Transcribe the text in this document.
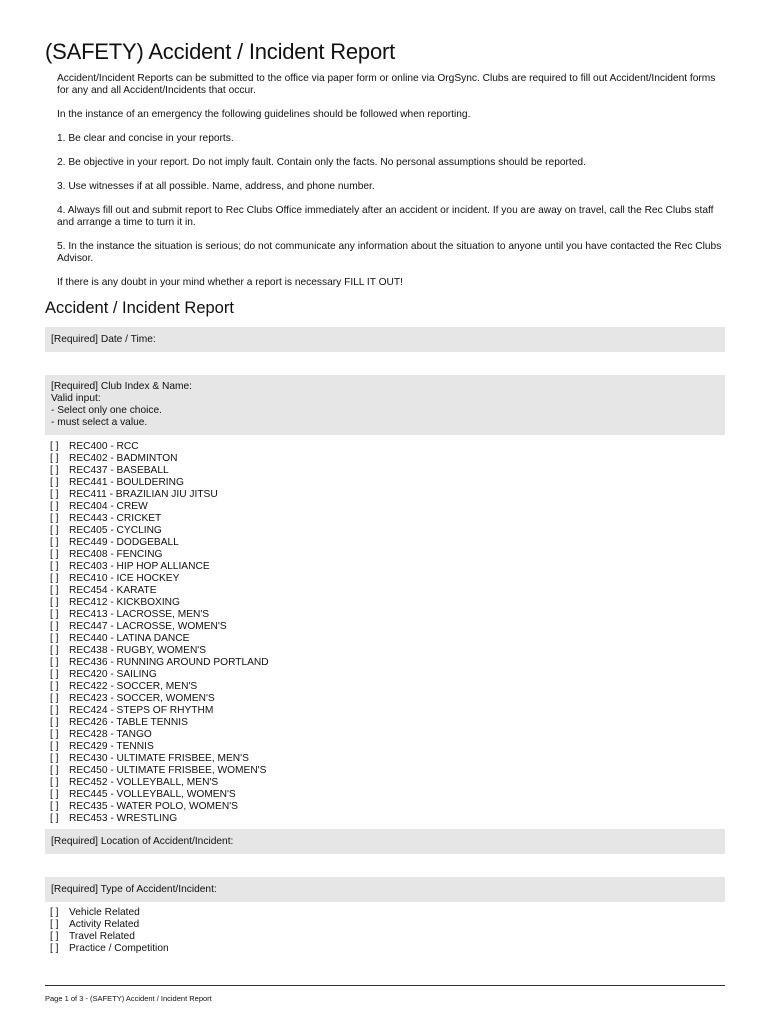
(SAFETY) Accident / Incident Report

Accident/Incident Reports can be submitted to the office via paper form or online via OrgSync. Clubs are required to fill out Accident/Incident forms for any and all Accident/Incidents that occur.

In the instance of an emergency the following guidelines should be followed when reporting.

1. Be clear and concise in your reports.

2. Be objective in your report. Do not imply fault. Contain only the facts. No personal assumptions should be reported.

3. Use witnesses if at all possible. Name, address, and phone number.

4. Always fill out and submit report to Rec Clubs Office immediately after an accident or incident. If you are away on travel, call the Rec Clubs staff and arrange a time to turn it in.

5. In the instance the situation is serious; do not communicate any information about the situation to anyone until you have contacted the Rec Clubs Advisor.

If there is any doubt in your mind whether a report is necessary FILL IT OUT!

Accident / Incident Report
[Required] Date / Time:
[Required] Club Index & Name:
Valid input:
- Select only one choice.
- must select a value.
[ ] REC400 - RCC
[ ] REC402 - BADMINTON
[ ] REC437 - BASEBALL
[ ] REC441 - BOULDERING
[ ] REC411 - BRAZILIAN JIU JITSU
[ ] REC404 - CREW
[ ] REC443 - CRICKET
[ ] REC405 - CYCLING
[ ] REC449 - DODGEBALL
[ ] REC408 - FENCING
[ ] REC403 - HIP HOP ALLIANCE
[ ] REC410 - ICE HOCKEY
[ ] REC454 - KARATE
[ ] REC412 - KICKBOXING
[ ] REC413 - LACROSSE, MEN'S
[ ] REC447 - LACROSSE, WOMEN'S
[ ] REC440 - LATINA DANCE
[ ] REC438 - RUGBY, WOMEN'S
[ ] REC436 - RUNNING AROUND PORTLAND
[ ] REC420 - SAILING
[ ] REC422 - SOCCER, MEN'S
[ ] REC423 - SOCCER, WOMEN'S
[ ] REC424 - STEPS OF RHYTHM
[ ] REC426 - TABLE TENNIS
[ ] REC428 - TANGO
[ ] REC429 - TENNIS
[ ] REC430 - ULTIMATE FRISBEE, MEN'S
[ ] REC450 - ULTIMATE FRISBEE, WOMEN'S
[ ] REC452 - VOLLEYBALL, MEN'S
[ ] REC445 - VOLLEYBALL, WOMEN'S
[ ] REC435 - WATER POLO, WOMEN'S
[ ] REC453 - WRESTLING
[Required] Location of Accident/Incident:
[Required] Type of Accident/Incident:
[ ] Vehicle Related
[ ] Activity Related
[ ] Travel Related
[ ] Practice / Competition
Page 1 of 3 - (SAFETY) Accident / Incident Report
